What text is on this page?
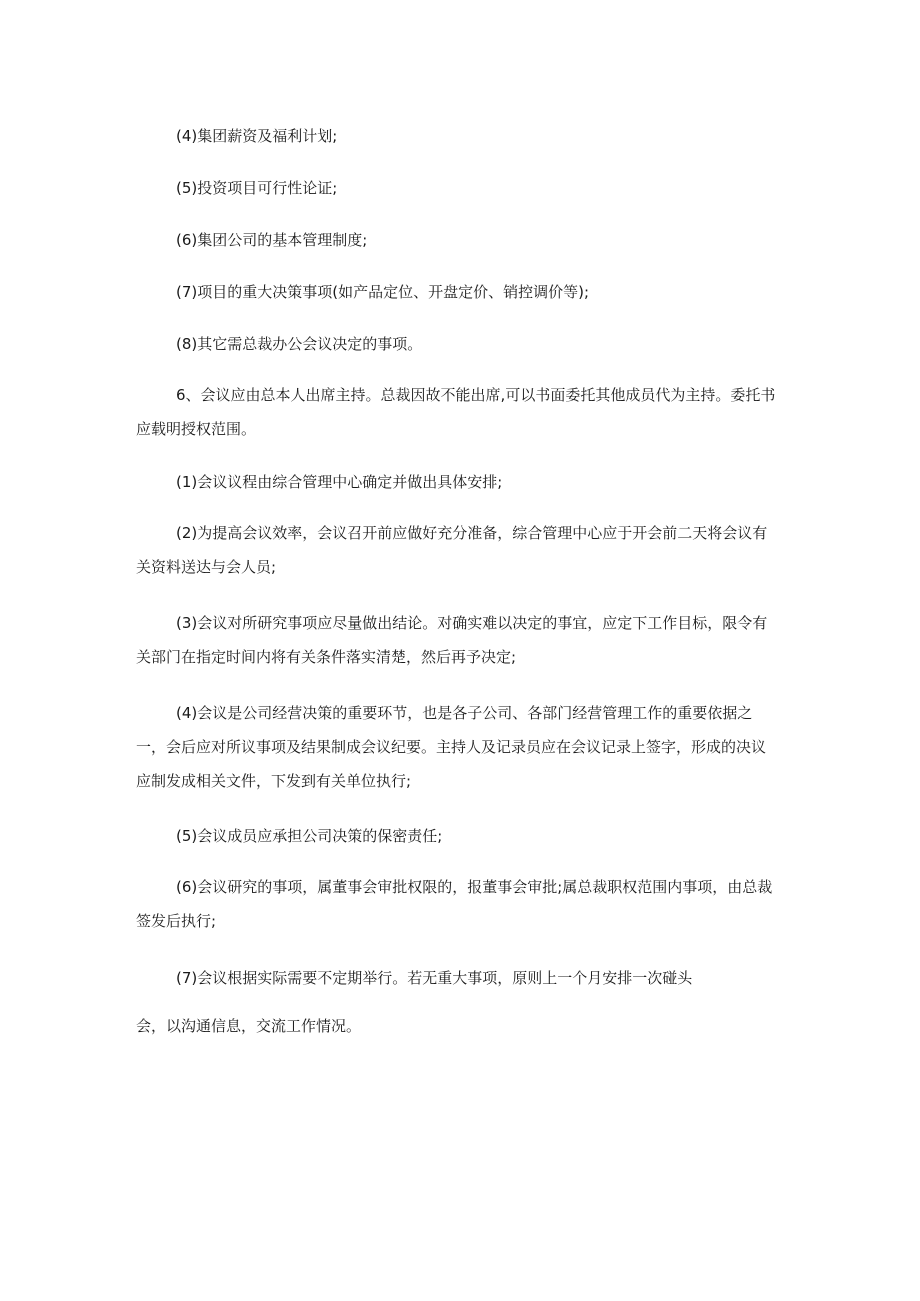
(4)集团薪资及福利计划;
(5)投资项目可行性论证;
(6)集团公司的基本管理制度;
(7)项目的重大决策事项(如产品定位、开盘定价、销控调价等);
(8)其它需总裁办公会议决定的事项。

6、会议应由总本人出席主持。总裁因故不能出席,可以书面委托其他成员代为主持。委托书应载明授权范围。

(1)会议议程由综合管理中心确定并做出具体安排;

(2)为提高会议效率，会议召开前应做好充分准备，综合管理中心应于开会前二天将会议有关资料送达与会人员;

(3)会议对所研究事项应尽量做出结论。对确实难以决定的事宜，应定下工作目标，限令有关部门在指定时间内将有关条件落实清楚，然后再予决定;

(4)会议是公司经营决策的重要环节，也是各子公司、各部门经营管理工作的重要依据之一，会后应对所议事项及结果制成会议纪要。主持人及记录员应在会议记录上签字，形成的决议应制发成相关文件，下发到有关单位执行;

(5)会议成员应承担公司决策的保密责任;

(6)会议研究的事项，属董事会审批权限的，报董事会审批;属总裁职权范围内事项，由总裁签发后执行;

(7)会议根据实际需要不定期举行。若无重大事项，原则上一个月安排一次碰头
会，以沟通信息，交流工作情况。
